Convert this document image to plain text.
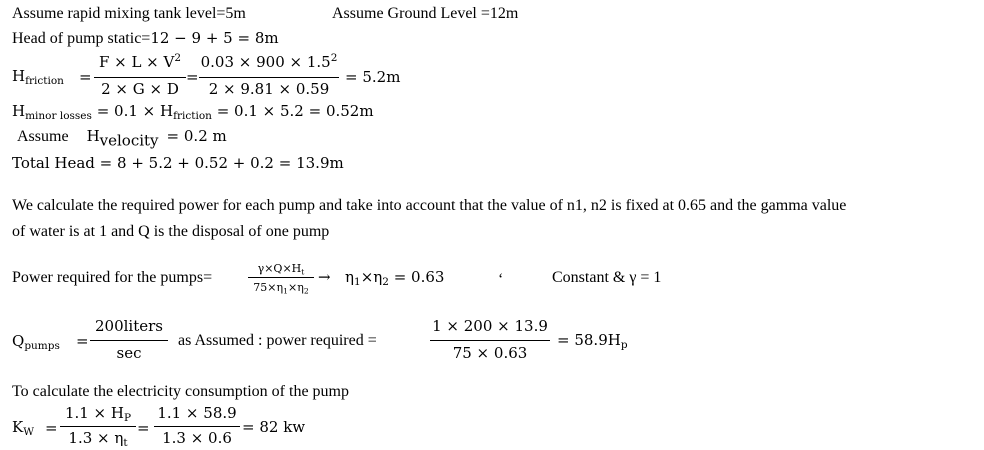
Assume rapid mixing tank level=5m	Assume Ground Level =12m
Head of pump static=12 − 9 + 5 = 8m
$H_{friction}$ =
$F \times L \times V^2$
2 × G × D
=
$0.03 \times 900 \times 1.5^2$
2 × 9.81 × 0.59
= 5.2m
$H_{minor losses} = 0.1 \times H_{friction} = 0.1 \times 5.2 = 0.52m$
Assume $H_{velocity} = 0.2$ m
Total Head = 8 + 5.2 + 0.52 + 0.2 = 13.9m
We calculate the required power for each pump and take into account that the value of n1, n2 is fixed at 0.65 and the gamma value
of water is at 1 and Q is the disposal of one pump
Power required for the pumps=
$\gamma\times Q\times H_t$
$75\times\eta_1\times\eta_2$
→ $\eta_1\times\eta_2 = 0.63$	‘	Constant & γ = 1
$Q_{pumps}$ =
200liters
sec
as Assumed : power required =
1 × 200 × 13.9
75 × 0.63
= $58.9H_p$
To calculate the electricity consumption of the pump
$K_W$ =
$1.1 \times H_P$
$1.3 \times \eta_t$
=
1.1 × 58.9
1.3 × 0.6
= 82 kw
